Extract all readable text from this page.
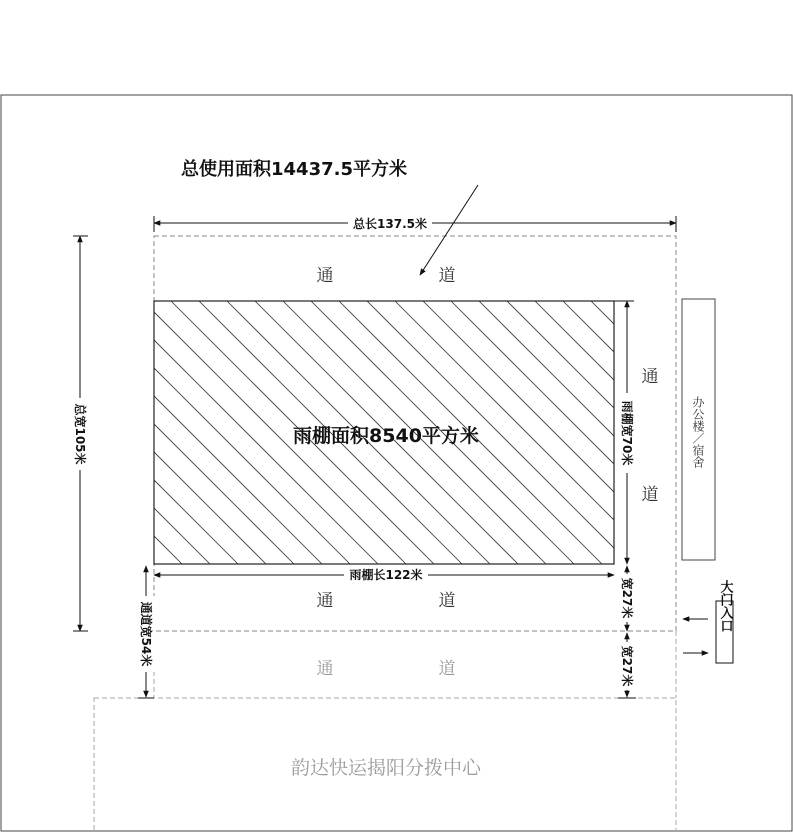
总长137.5米
总使用面积14437.5平方米
总宽105米	雨棚面积8540平方米
雨棚长122米
雨棚宽70米
宽27米
宽27米
通道宽54米
通	道
通
道
通	道
通	道
办公楼／宿舍
大门入口
韵达快运揭阳分拨中心
